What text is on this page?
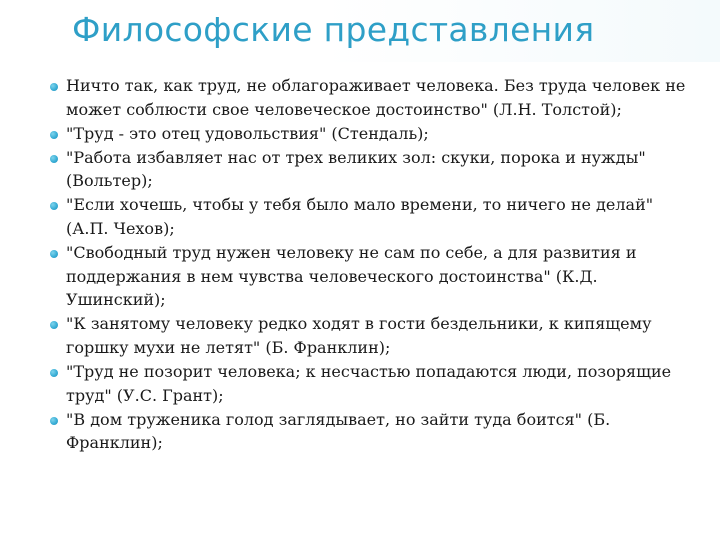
Философские представления
Ничто так, как труд, не облагораживает человека. Без труда человек не может соблюсти свое человеческое достоинство" (Л.Н. Толстой);
"Труд - это отец удовольствия" (Стендаль);
"Работа избавляет нас от трех великих зол: скуки, порока и нужды" (Вольтер);
"Если хочешь, чтобы у тебя было мало времени, то ничего не делай" (А.П. Чехов);
"Свободный труд нужен человеку не сам по себе, а для развития и поддержания в нем чувства человеческого достоинства" (К.Д. Ушинский);
"К занятому человеку редко ходят в гости бездельники, к кипящему горшку мухи не летят" (Б. Франклин);
"Труд не позорит человека; к несчастью попадаются люди, позорящие труд" (У.С. Грант);
"В дом труженика голод заглядывает, но зайти туда боится" (Б. Франклин);
